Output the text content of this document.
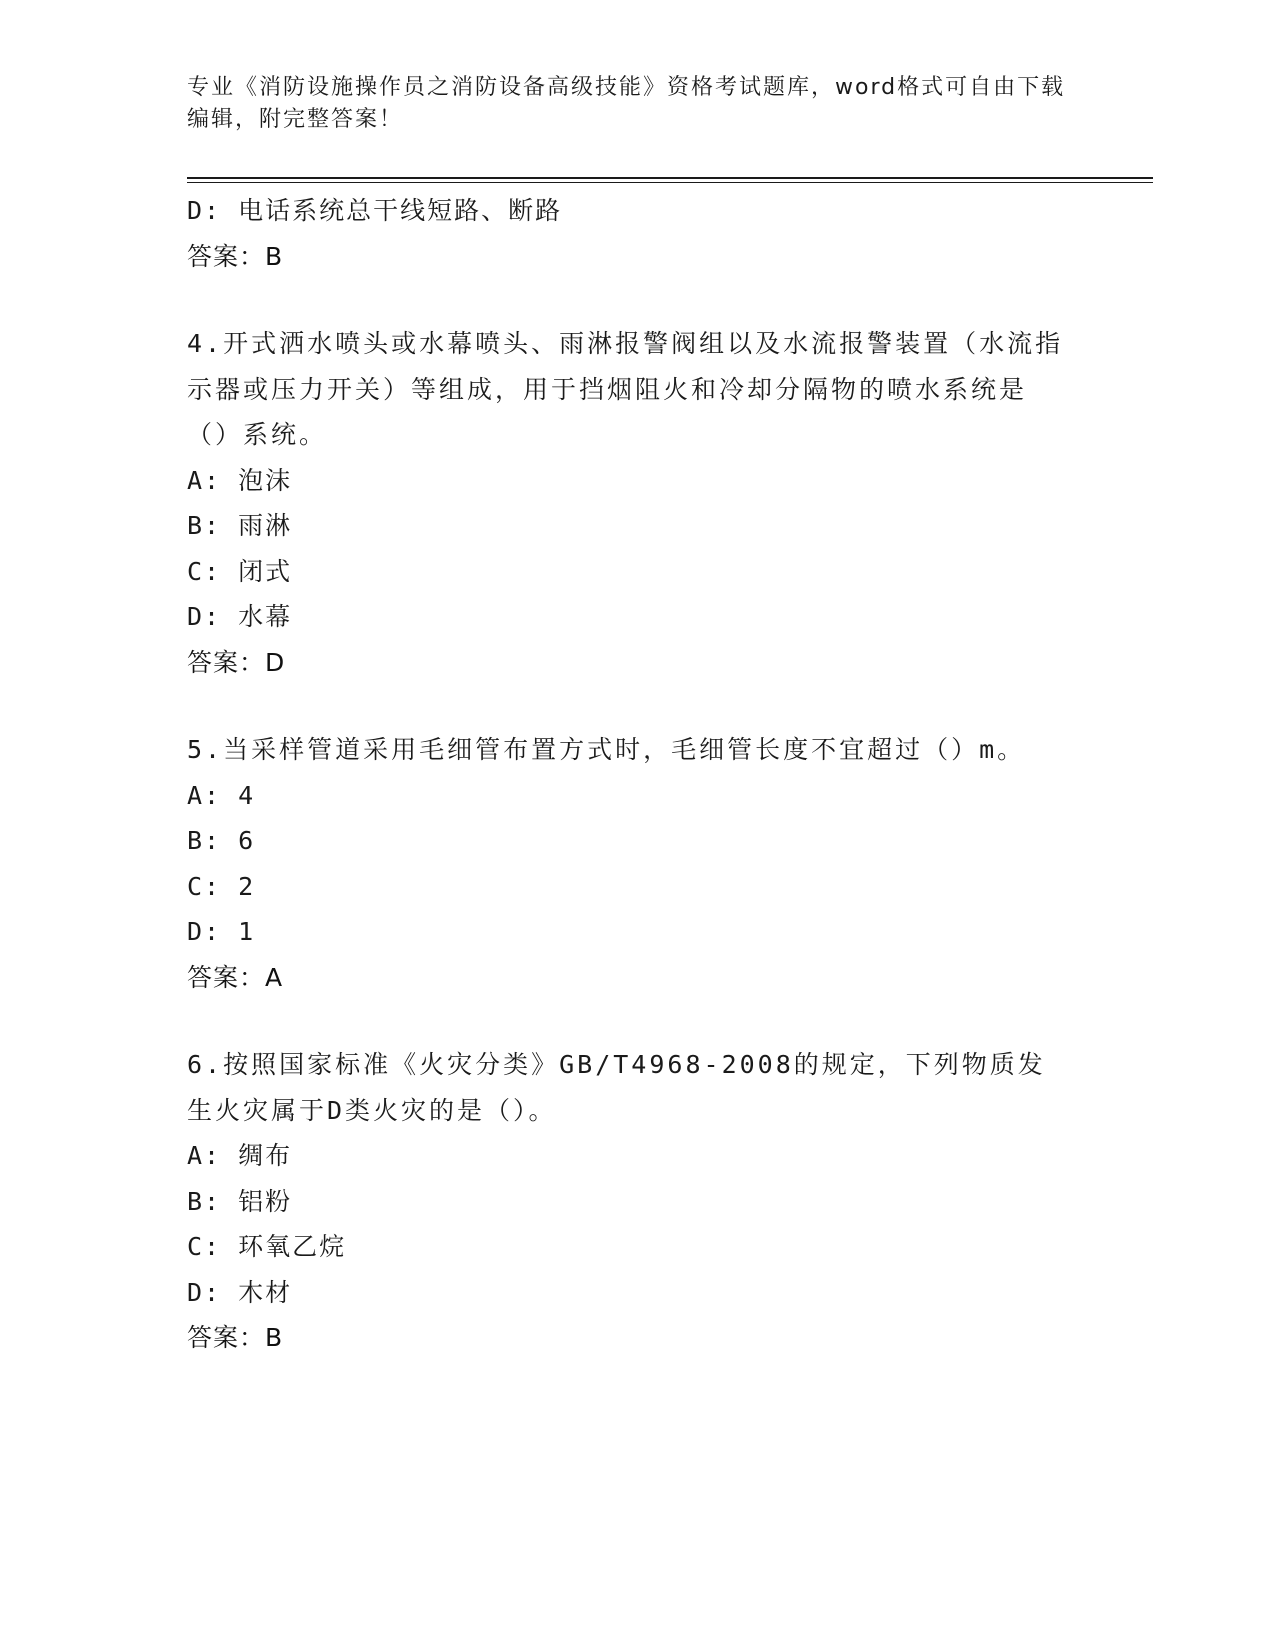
专业《消防设施操作员之消防设备高级技能》资格考试题库，word格式可自由下载编辑，附完整答案！
D: 电话系统总干线短路、断路
答案：B
4.开式洒水喷头或水幕喷头、雨淋报警阀组以及水流报警装置（水流指示器或压力开关）等组成，用于挡烟阻火和冷却分隔物的喷水系统是（）系统。
A: 泡沫
B: 雨淋
C: 闭式
D: 水幕
答案：D
5.当采样管道采用毛细管布置方式时，毛细管长度不宜超过（）m。
A: 4
B: 6
C: 2
D: 1
答案：A
6.按照国家标准《火灾分类》GB/T4968-2008的规定，下列物质发生火灾属于D类火灾的是（）。
A: 绸布
B: 铝粉
C: 环氧乙烷
D: 木材
答案：B
